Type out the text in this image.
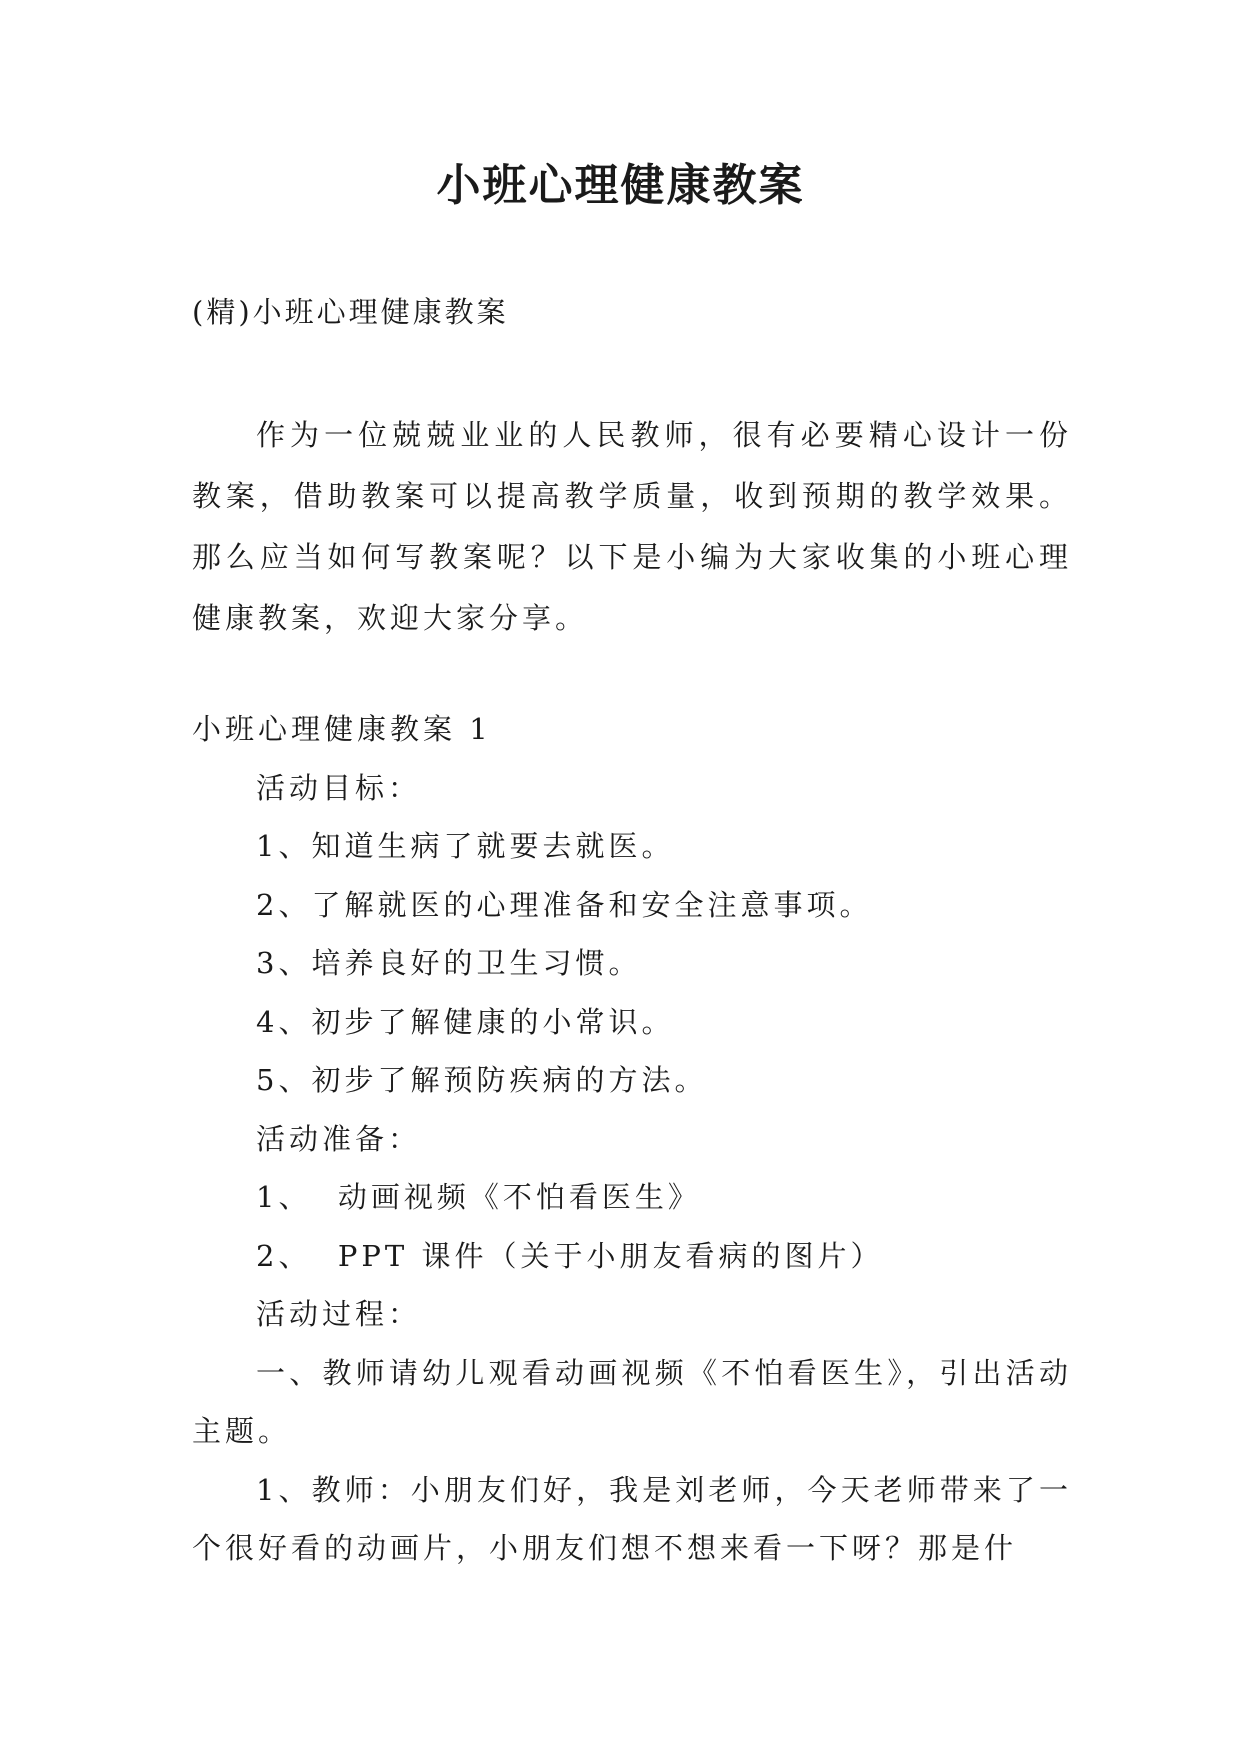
小班心理健康教案

(精)小班心理健康教案

作为一位兢兢业业的人民教师，很有必要精心设计一份教案，借助教案可以提高教学质量，收到预期的教学效果。那么应当如何写教案呢？以下是小编为大家收集的小班心理健康教案，欢迎大家分享。

小班心理健康教案 1

活动目标：

1、知道生病了就要去就医。

2、了解就医的心理准备和安全注意事项。

3、培养良好的卫生习惯。

4、初步了解健康的小常识。

5、初步了解预防疾病的方法。

活动准备：

1、  动画视频《不怕看医生》

2、  PPT 课件（关于小朋友看病的图片）

活动过程：

一、教师请幼儿观看动画视频《不怕看医生》，引出活动主题。

1、教师：小朋友们好，我是刘老师，今天老师带来了一个很好看的动画片，小朋友们想不想来看一下呀？那是什
